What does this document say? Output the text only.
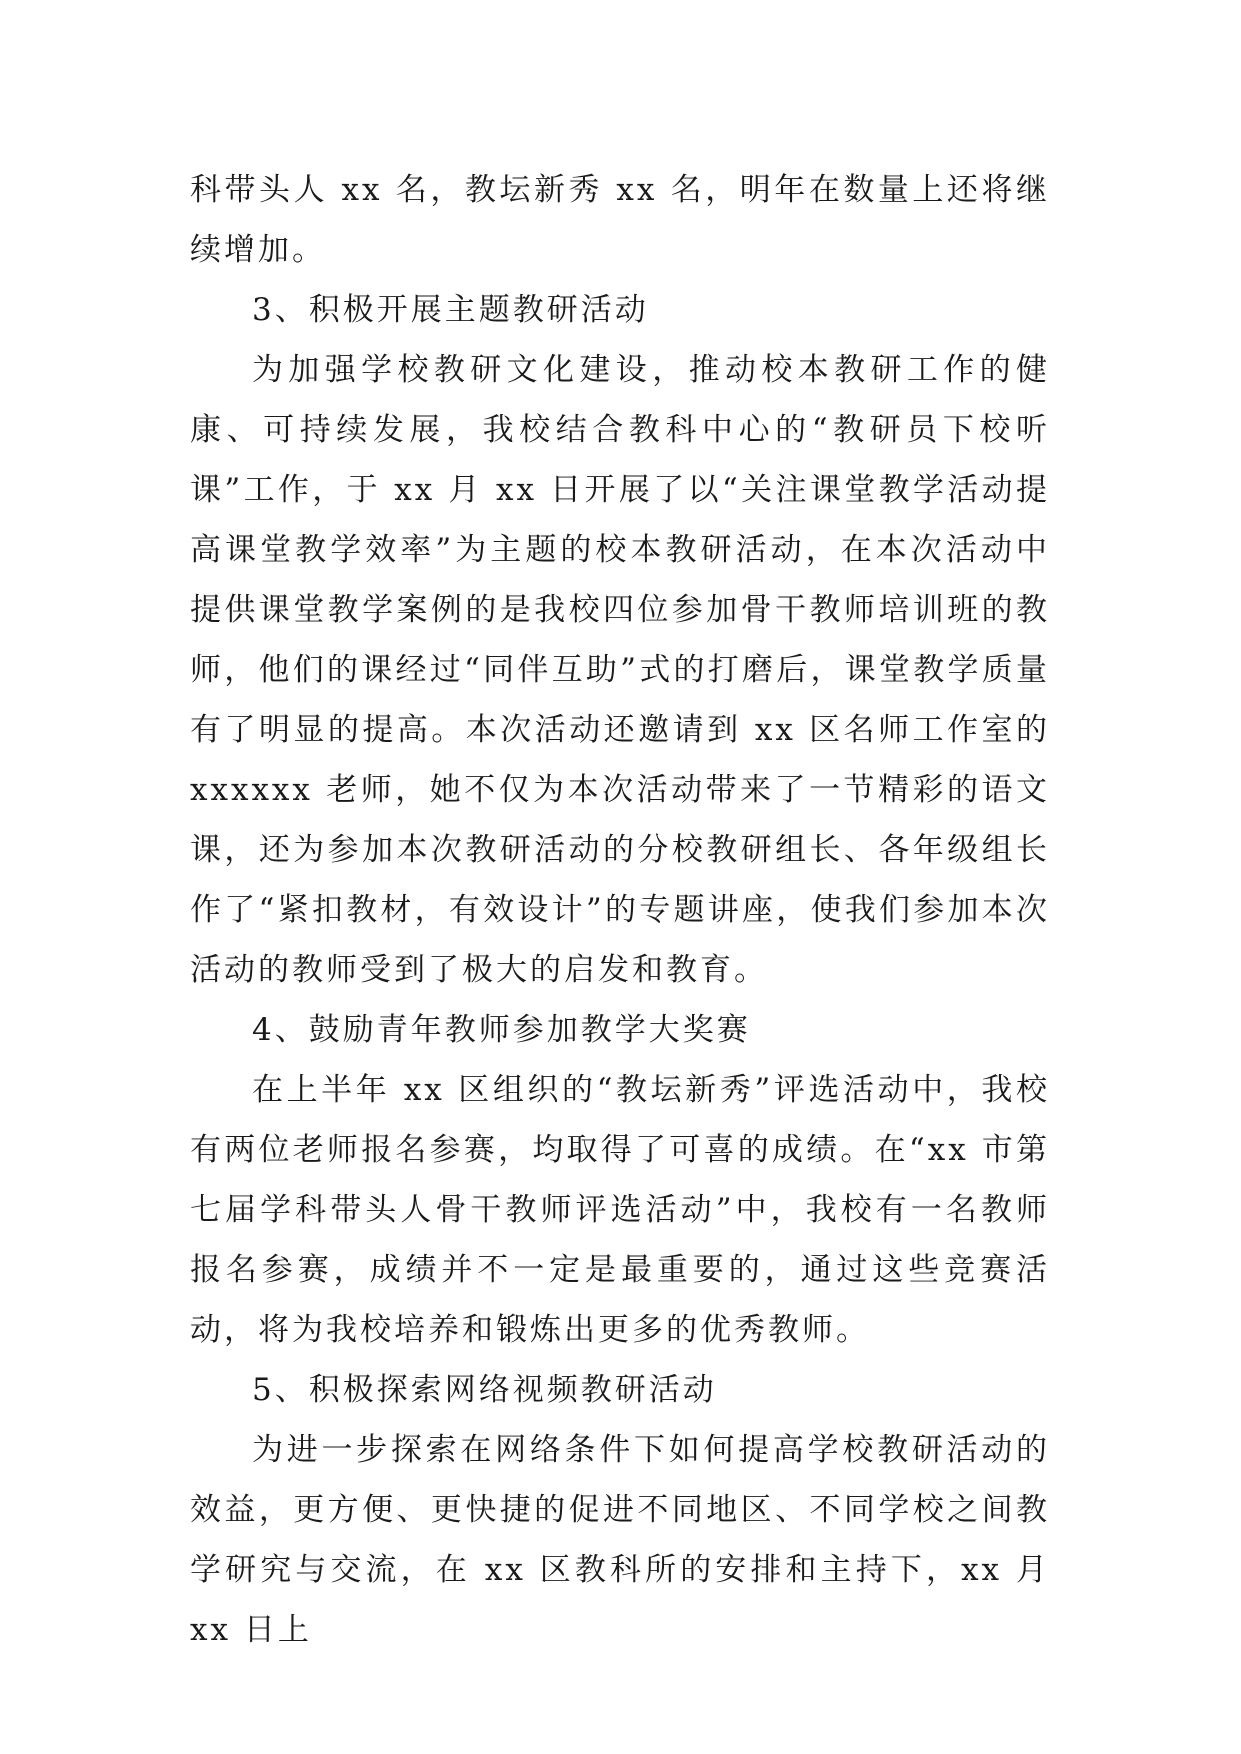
科带头人 xx 名，教坛新秀 xx 名，明年在数量上还将继续增加。

3、积极开展主题教研活动

为加强学校教研文化建设，推动校本教研工作的健康、可持续发展，我校结合教科中心的“教研员下校听课”工作，于 xx 月 xx 日开展了以“关注课堂教学活动提高课堂教学效率”为主题的校本教研活动，在本次活动中提供课堂教学案例的是我校四位参加骨干教师培训班的教师，他们的课经过“同伴互助”式的打磨后，课堂教学质量有了明显的提高。本次活动还邀请到 xx 区名师工作室的 xxxxxx 老师，她不仅为本次活动带来了一节精彩的语文课，还为参加本次教研活动的分校教研组长、各年级组长作了“紧扣教材，有效设计”的专题讲座，使我们参加本次活动的教师受到了极大的启发和教育。

4、鼓励青年教师参加教学大奖赛

在上半年 xx 区组织的“教坛新秀”评选活动中，我校有两位老师报名参赛，均取得了可喜的成绩。在“xx 市第七届学科带头人骨干教师评选活动”中，我校有一名教师报名参赛，成绩并不一定是最重要的，通过这些竞赛活动，将为我校培养和锻炼出更多的优秀教师。

5、积极探索网络视频教研活动

为进一步探索在网络条件下如何提高学校教研活动的效益，更方便、更快捷的促进不同地区、不同学校之间教学研究与交流，在 xx 区教科所的安排和主持下，xx 月 xx 日上
